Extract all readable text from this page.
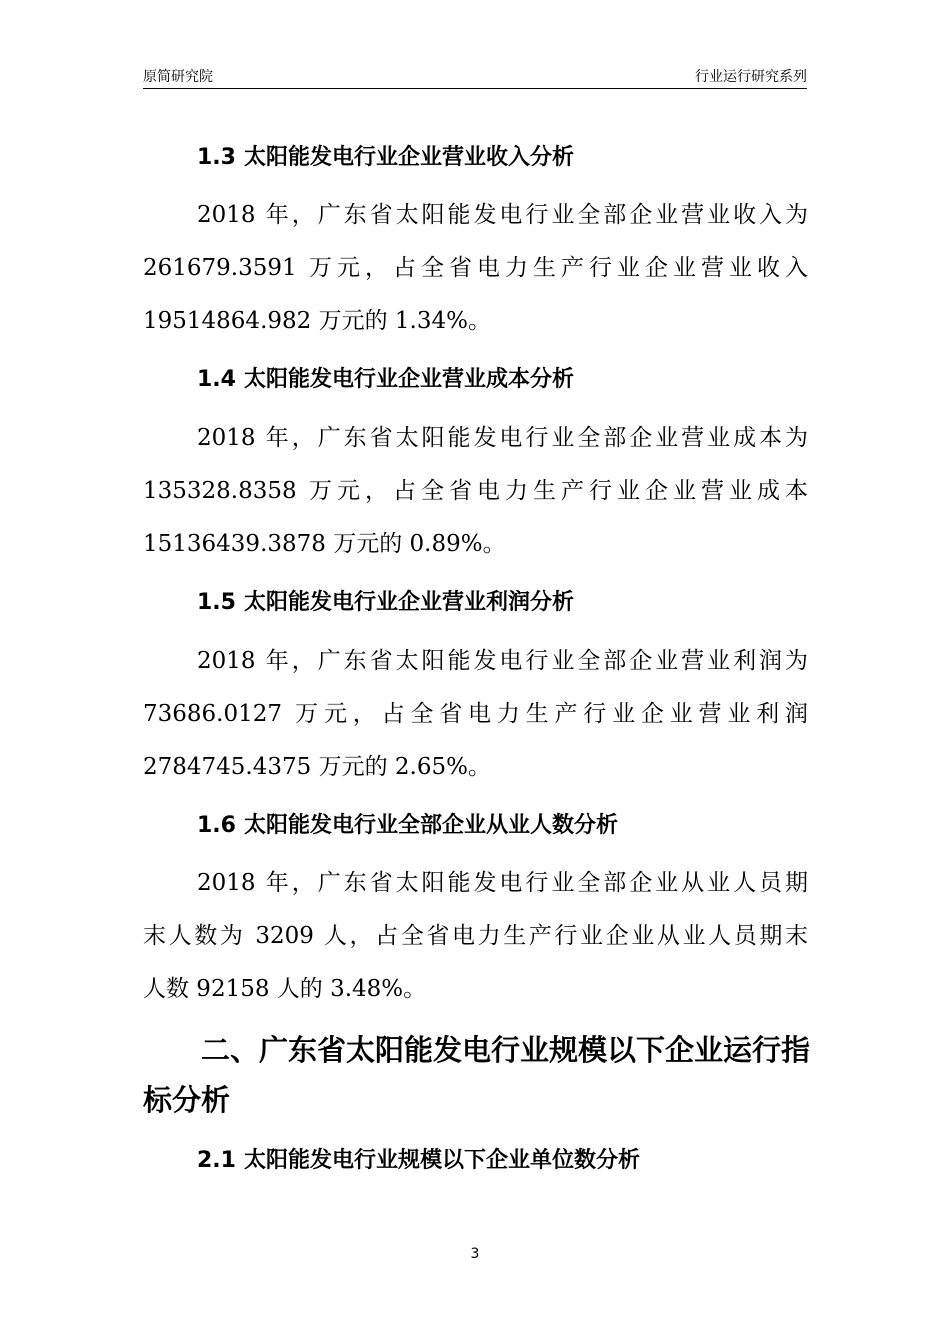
原简研究院	行业运行研究系列
1.3 太阳能发电行业企业营业收入分析
2018 年，广东省太阳能发电行业全部企业营业收入为
261679.3591 万元，占全省电力生产行业企业营业收入
19514864.982 万元的 1.34%。
1.4 太阳能发电行业企业营业成本分析
2018 年，广东省太阳能发电行业全部企业营业成本为
135328.8358 万元，占全省电力生产行业企业营业成本
15136439.3878 万元的 0.89%。
1.5 太阳能发电行业企业营业利润分析
2018 年，广东省太阳能发电行业全部企业营业利润为
73686.0127 万元，占全省电力生产行业企业营业利润
2784745.4375 万元的 2.65%。
1.6 太阳能发电行业全部企业从业人数分析
2018 年，广东省太阳能发电行业全部企业从业人员期
末人数为 3209 人，占全省电力生产行业企业从业人员期末
人数 92158 人的 3.48%。
二、广东省太阳能发电行业规模以下企业运行指
标分析
2.1 太阳能发电行业规模以下企业单位数分析
3
